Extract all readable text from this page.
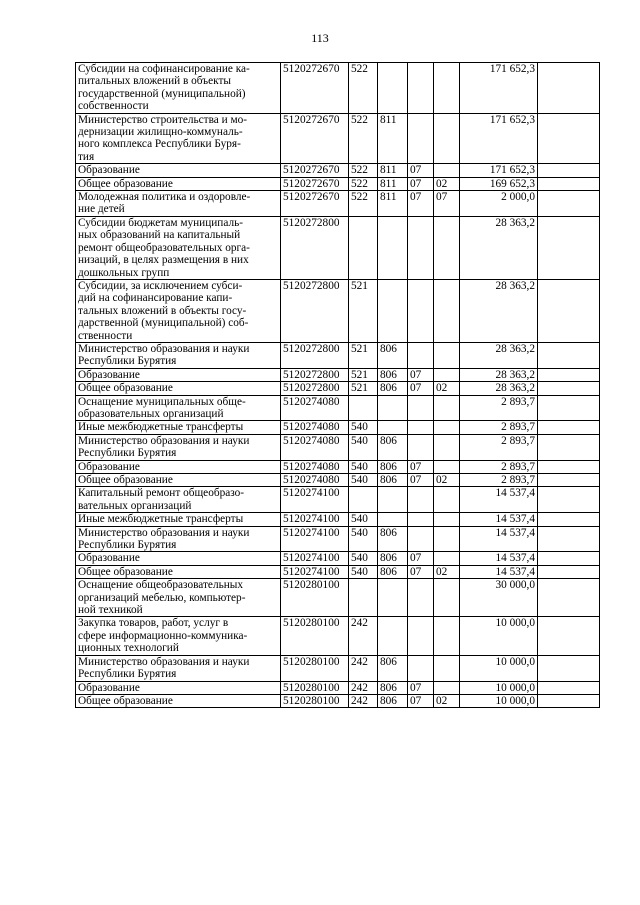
113
Субсидии на софинансирование ка-
питальных вложений в объекты
государственной (муниципальной)
собственности	5120272670	522				171 652,3	
Министерство строительства и мо-
дернизации жилищно-коммуналь-
ного комплекса Республики Буря-
тия	5120272670	522	811			171 652,3	
Образование	5120272670	522	811	07		171 652,3	
Общее образование	5120272670	522	811	07	02	169 652,3	
Молодежная политика и оздоровле-
ние детей	5120272670	522	811	07	07	2 000,0	
Субсидии бюджетам муниципаль-
ных образований на капитальный
ремонт общеобразовательных орга-
низаций, в целях размещения в них
дошкольных групп	5120272800					28 363,2	
Субсидии, за исключением субси-
дий на софинансирование капи-
тальных вложений в объекты госу-
дарственной (муниципальной) соб-
ственности	5120272800	521				28 363,2	
Министерство образования и науки
Республики Бурятия	5120272800	521	806			28 363,2	
Образование	5120272800	521	806	07		28 363,2	
Общее образование	5120272800	521	806	07	02	28 363,2	
Оснащение муниципальных обще-
образовательных организаций	5120274080					2 893,7	
Иные межбюджетные трансферты	5120274080	540				2 893,7	
Министерство образования и науки
Республики Бурятия	5120274080	540	806			2 893,7	
Образование	5120274080	540	806	07		2 893,7	
Общее образование	5120274080	540	806	07	02	2 893,7	
Капитальный ремонт общеобразо-
вательных организаций	5120274100					14 537,4	
Иные межбюджетные трансферты	5120274100	540				14 537,4	
Министерство образования и науки
Республики Бурятия	5120274100	540	806			14 537,4	
Образование	5120274100	540	806	07		14 537,4	
Общее образование	5120274100	540	806	07	02	14 537,4	
Оснащение общеобразовательных
организаций мебелью, компьютер-
ной техникой	5120280100					30 000,0	
Закупка товаров, работ, услуг в
сфере информационно-коммуника-
ционных технологий	5120280100	242				10 000,0	
Министерство образования и науки
Республики Бурятия	5120280100	242	806			10 000,0	
Образование	5120280100	242	806	07		10 000,0	
Общее образование	5120280100	242	806	07	02	10 000,0	
